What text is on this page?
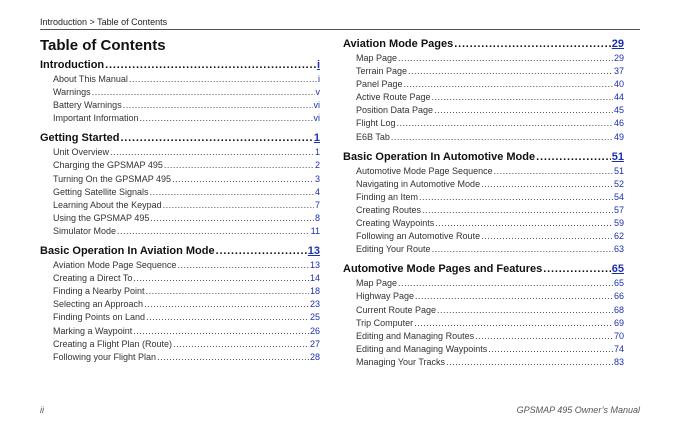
Introduction > Table of Contents
Table of Contents
Introduction .....	i
About This Manual .....	i
Warnings .....	v
Battery Warnings .....	vi
Important Information .....	vi
Getting Started .....	1
Unit Overview .....	1
Charging the GPSMAP 495 .....	2
Turning On the GPSMAP 495 .....	3
Getting Satellite Signals .....	4
Learning About the Keypad .....	7
Using the GPSMAP 495 .....	8
Simulator Mode .....	11
Basic Operation In Aviation Mode .....	13
Aviation Mode Page Sequence .....	13
Creating a Direct To .....	14
Finding a Nearby Point .....	18
Selecting an Approach .....	23
Finding Points on Land .....	25
Marking a Waypoint .....	26
Creating a Flight Plan (Route) .....	27
Following your Flight Plan .....	28
Aviation Mode Pages .....	29
Map Page .....	29
Terrain Page .....	37
Panel Page .....	40
Active Route Page .....	44
Position Data Page .....	45
Flight Log .....	46
E6B Tab .....	49
Basic Operation In Automotive Mode .....	51
Automotive Mode Page Sequence .....	51
Navigating in Automotive Mode .....	52
Finding an Item .....	54
Creating Routes .....	57
Creating Waypoints .....	59
Following an Automotive Route .....	62
Editing Your Route .....	63
Automotive Mode Pages and Features .....	65
Map Page .....	65
Highway Page .....	66
Current Route Page .....	68
Trip Computer .....	69
Editing and Managing Routes .....	70
Editing and Managing Waypoints .....	74
Managing Your Tracks .....	83
ii	GPSMAP 495 Owner’s Manual
